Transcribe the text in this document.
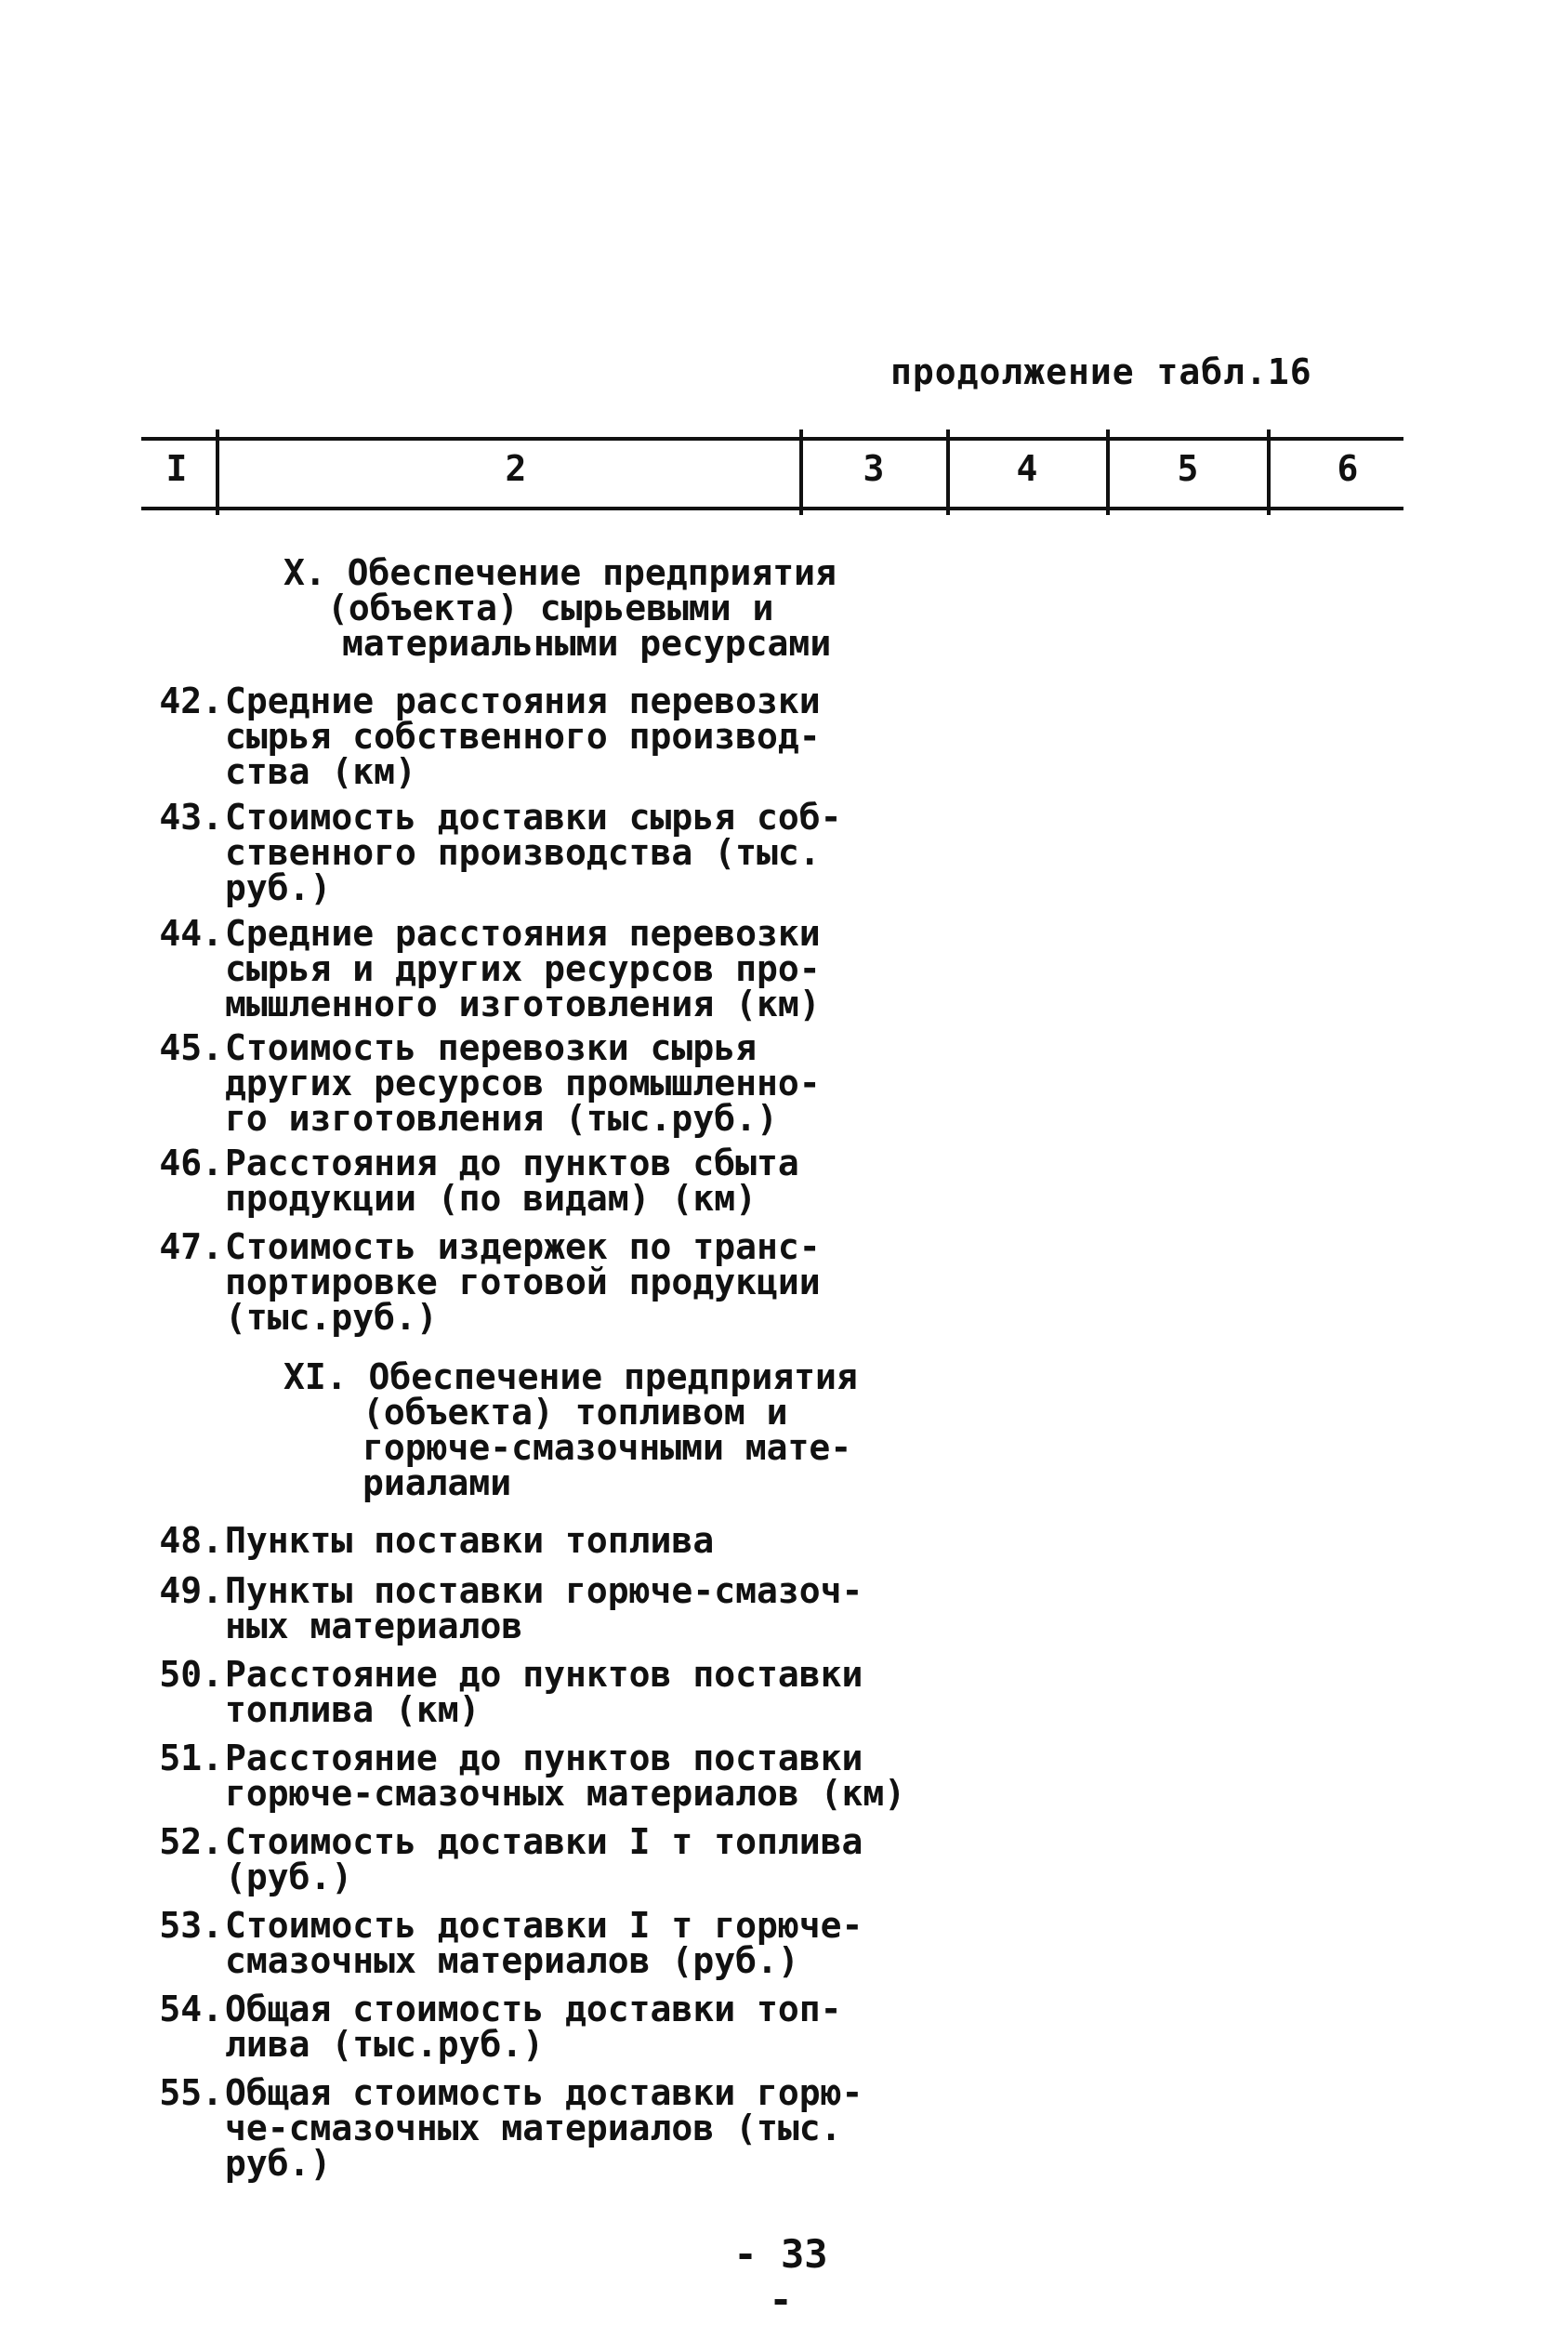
продолжение табл.16
I	2	3	4	5	6
X. Обеспечение предприятия
(объекта) сырьевыми и
материальными ресурсами
42. Средние расстояния перевозки
сырья собственного производ-
ства (км)
43. Стоимость доставки сырья соб-
ственного производства (тыс.
руб.)
44. Средние расстояния перевозки
сырья и других ресурсов про-
мышленного изготовления (км)
45. Стоимость перевозки сырья
других ресурсов промышленно-
го изготовления (тыс.руб.)
46. Расстояния до пунктов сбыта
продукции (по видам) (км)
47. Стоимость издержек по транс-
портировке готовой продукции
(тыс.руб.)
XI. Обеспечение предприятия
(объекта) топливом и
горюче-смазочными мате-
риалами
48. Пункты поставки топлива
49. Пункты поставки горюче-смазоч-
ных материалов
50. Расстояние до пунктов поставки
топлива (км)
51. Расстояние до пунктов поставки
горюче-смазочных материалов (км)
52. Стоимость доставки I т топлива
(руб.)
53. Стоимость доставки I т горюче-
смазочных материалов (руб.)
54. Общая стоимость доставки топ-
лива (тыс.руб.)
55. Общая стоимость доставки горю-
че-смазочных материалов (тыс.
руб.)
- 33 -
